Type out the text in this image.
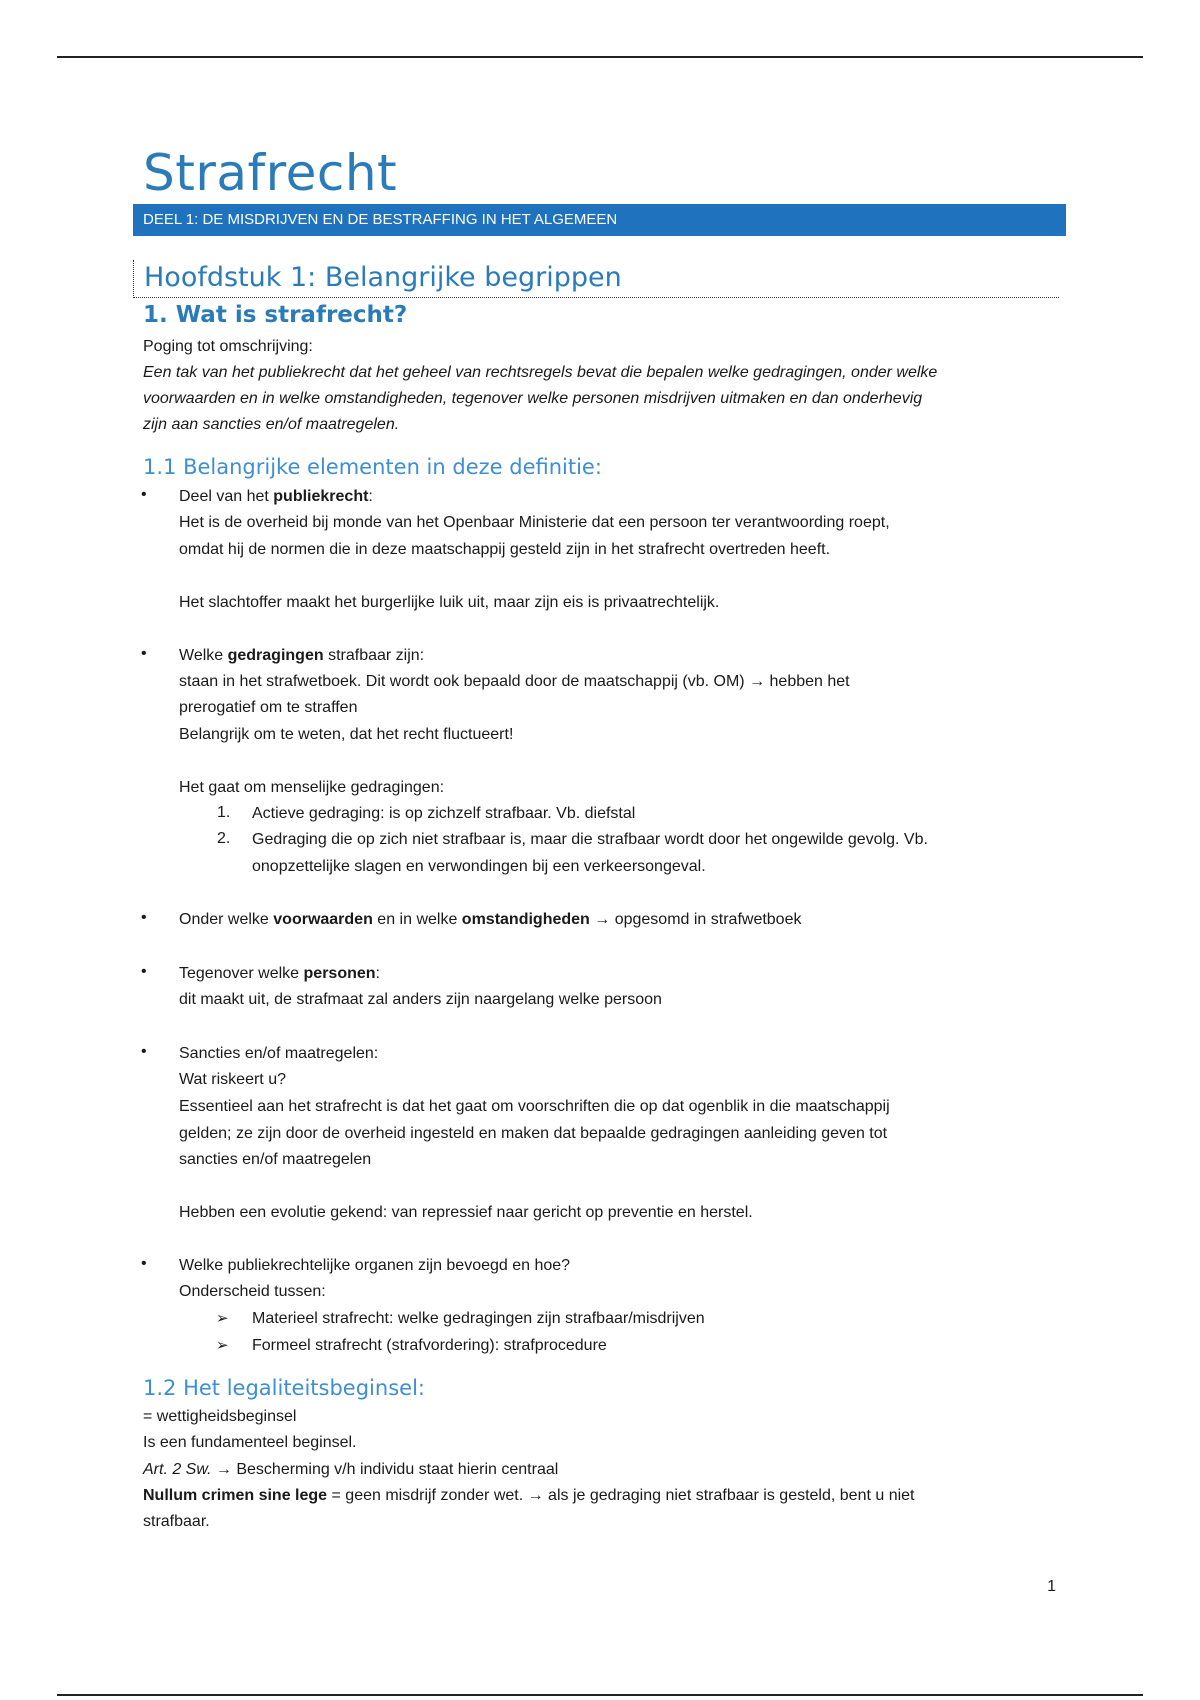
Strafrecht
DEEL 1: DE MISDRIJVEN EN DE BESTRAFFING IN HET ALGEMEEN
Hoofdstuk 1: Belangrijke begrippen
1. Wat is strafrecht?
Poging tot omschrijving:
Een tak van het publiekrecht dat het geheel van rechtsregels bevat die bepalen welke gedragingen, onder welke
voorwaarden en in welke omstandigheden, tegenover welke personen misdrijven uitmaken en dan onderhevig
zijn aan sancties en/of maatregelen.
1.1 Belangrijke elementen in deze definitie:
• Deel van het publiekrecht:
Het is de overheid bij monde van het Openbaar Ministerie dat een persoon ter verantwoording roept,
omdat hij de normen die in deze maatschappij gesteld zijn in het strafrecht overtreden heeft.
Het slachtoffer maakt het burgerlijke luik uit, maar zijn eis is privaatrechtelijk.
• Welke gedragingen strafbaar zijn:
staan in het strafwetboek. Dit wordt ook bepaald door de maatschappij (vb. OM) → hebben het
prerogatief om te straffen
Belangrijk om te weten, dat het recht fluctueert!
Het gaat om menselijke gedragingen:
1. Actieve gedraging: is op zichzelf strafbaar. Vb. diefstal
2. Gedraging die op zich niet strafbaar is, maar die strafbaar wordt door het ongewilde gevolg. Vb.
onopzettelijke slagen en verwondingen bij een verkeersongeval.
• Onder welke voorwaarden en in welke omstandigheden → opgesomd in strafwetboek
• Tegenover welke personen:
dit maakt uit, de strafmaat zal anders zijn naargelang welke persoon
• Sancties en/of maatregelen:
Wat riskeert u?
Essentieel aan het strafrecht is dat het gaat om voorschriften die op dat ogenblik in die maatschappij
gelden; ze zijn door de overheid ingesteld en maken dat bepaalde gedragingen aanleiding geven tot
sancties en/of maatregelen
Hebben een evolutie gekend: van repressief naar gericht op preventie en herstel.
• Welke publiekrechtelijke organen zijn bevoegd en hoe?
Onderscheid tussen:
➢ Materieel strafrecht: welke gedragingen zijn strafbaar/misdrijven
➢ Formeel strafrecht (strafvordering): strafprocedure
1.2 Het legaliteitsbeginsel:
= wettigheidsbeginsel
Is een fundamenteel beginsel.
Art. 2 Sw. → Bescherming v/h individu staat hierin centraal
Nullum crimen sine lege = geen misdrijf zonder wet. → als je gedraging niet strafbaar is gesteld, bent u niet
strafbaar.
1
